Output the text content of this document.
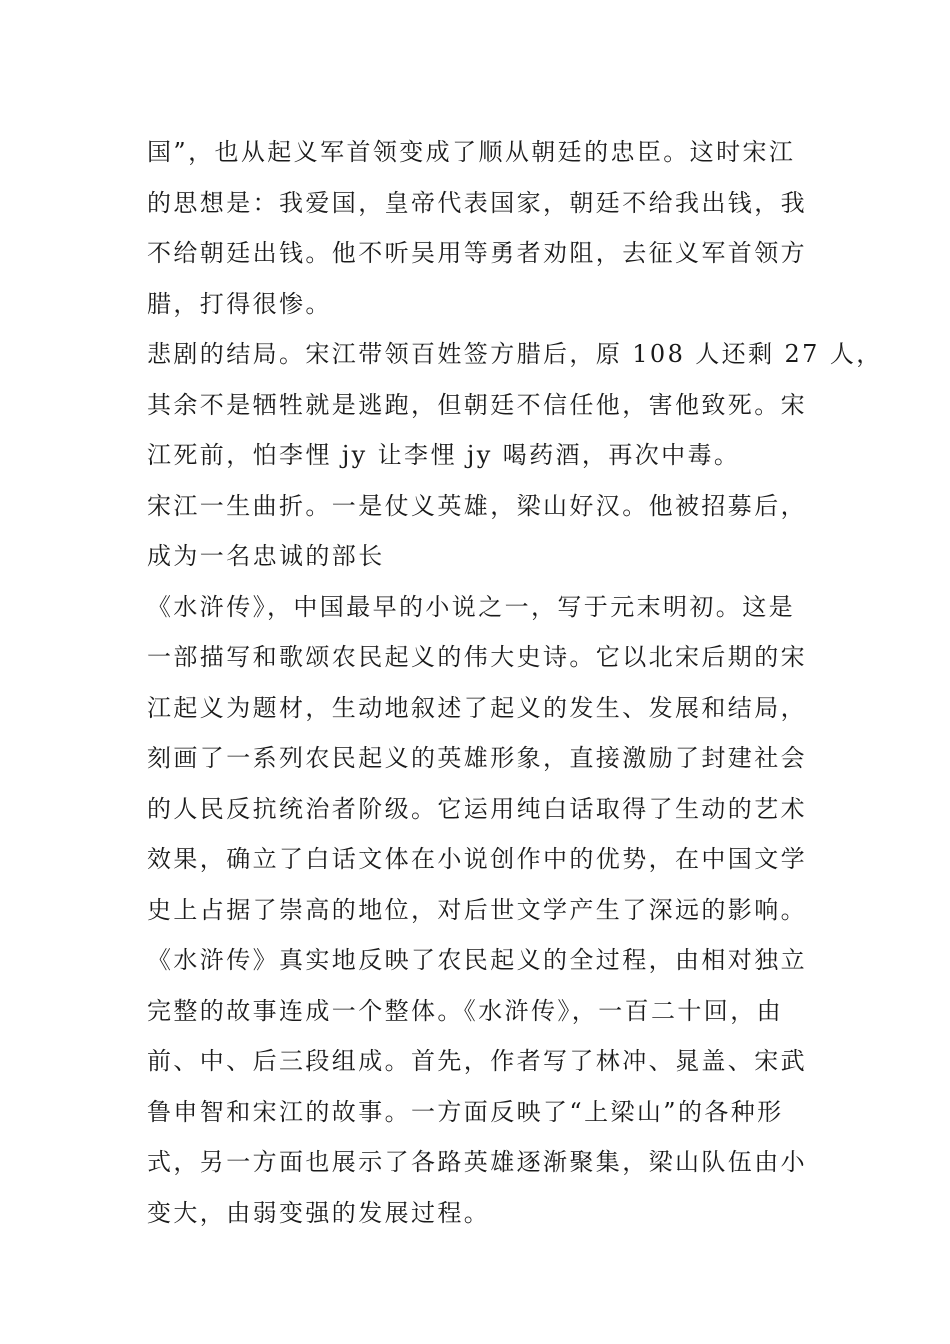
国”，也从起义军首领变成了顺从朝廷的忠臣。这时宋江
的思想是：我爱国，皇帝代表国家，朝廷不给我出钱，我
不给朝廷出钱。他不听吴用等勇者劝阻，去征义军首领方
腊，打得很惨。

悲剧的结局。宋江带领百姓签方腊后，原 108 人还剩 27 人，
其余不是牺牲就是逃跑，但朝廷不信任他，害他致死。宋
江死前，怕李悝 jy 让李悝 jy 喝药酒，再次中毒。

宋江一生曲折。一是仗义英雄，梁山好汉。他被招募后，
成为一名忠诚的部长

《水浒传》，中国最早的小说之一，写于元末明初。这是
一部描写和歌颂农民起义的伟大史诗。它以北宋后期的宋
江起义为题材，生动地叙述了起义的发生、发展和结局，
刻画了一系列农民起义的英雄形象，直接激励了封建社会
的人民反抗统治者阶级。它运用纯白话取得了生动的艺术
效果，确立了白话文体在小说创作中的优势，在中国文学
史上占据了崇高的地位，对后世文学产生了深远的影响。

《水浒传》真实地反映了农民起义的全过程，由相对独立
完整的故事连成一个整体。《水浒传》，一百二十回，由
前、中、后三段组成。首先，作者写了林冲、晁盖、宋武
鲁申智和宋江的故事。一方面反映了“上梁山”的各种形
式，另一方面也展示了各路英雄逐渐聚集，梁山队伍由小
变大，由弱变强的发展过程。
